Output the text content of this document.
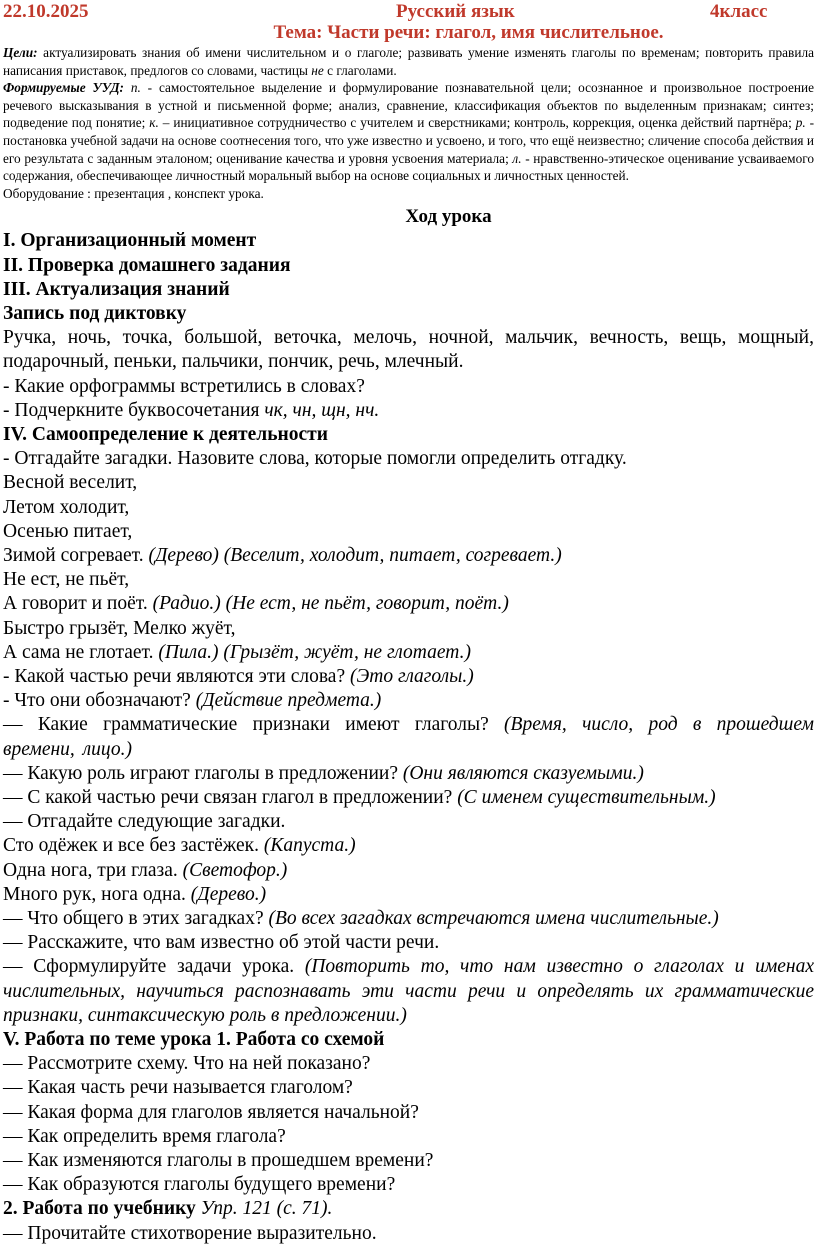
22.10.2025	Русский язык	4класс
Тема: Части речи: глагол, имя числительное.
Цели: актуализировать знания об имени числительном и о глаголе; развивать умение изменять глаголы по временам; повторить правила написания приставок, предлогов со словами, частицы не с глаголами.
Формируемые УУД: п. - самостоятельное выделение и формулирование познавательной цели; осознанное и произвольное построение речевого высказывания в устной и письменной форме; анализ, сравнение, классификация объектов по выделенным признакам; синтез; подведение под понятие; к. – инициативное сотрудничество с учителем и сверстниками; контроль, коррекция, оценка действий партнёра; р. - постановка учебной задачи на основе соотнесения того, что уже известно и усвоено, и того, что ещё неизвестно; сличение способа действия и его результата с заданным эталоном; оценивание качества и уровня усвоения материала; л. - нравственно-этическое оценивание усваиваемого содержания, обеспечивающее личностный моральный выбор на основе социальных и личностных ценностей.
Оборудование : презентация , конспект урока.
Ход урока
I. Организационный момент
II. Проверка домашнего задания
III. Актуализация знаний
Запись под диктовку
Ручка, ночь, точка, большой, веточка, мелочь, ночной, мальчик, вечность, вещь, мощный, подарочный, пеньки, пальчики, пончик, речь, млечный.
- Какие орфограммы встретились в словах?
- Подчеркните буквосочетания чк, чн, щн, нч.
IV. Самоопределение к деятельности
- Отгадайте загадки. Назовите слова, которые помогли определить отгадку.
Весной веселит,
Летом холодит,
Осенью питает,
Зимой согревает. (Дерево) (Веселит, холодит, питает, согревает.)
Не ест, не пьёт,
А говорит и поёт. (Радио.) (Не ест, не пьёт, говорит, поёт.)
Быстро грызёт, Мелко жуёт,
А сама не глотает. (Пила.) (Грызёт, жуёт, не глотает.)
- Какой частью речи являются эти слова? (Это глаголы.)
- Что они обозначают? (Действие предмета.)
— Какие грамматические признаки имеют глаголы? (Время, число, род в прошедшем времени, лицо.)
— Какую роль играют глаголы в предложении? (Они являются сказуемыми.)
— С какой частью речи связан глагол в предложении? (С именем существительным.)
— Отгадайте следующие загадки.
Сто одёжек и все без застёжек. (Капуста.)
Одна нога, три глаза. (Светофор.)
Много рук, нога одна. (Дерево.)
— Что общего в этих загадках? (Во всех загадках встречаются имена числительные.)
— Расскажите, что вам известно об этой части речи.
— Сформулируйте задачи урока. (Повторить то, что нам известно о глаголах и именах числительных, научиться распознавать эти части речи и определять их грамматические признаки, синтаксическую роль в предложении.)
V. Работа по теме урока 1. Работа со схемой
— Рассмотрите схему. Что на ней показано?
— Какая часть речи называется глаголом?
— Какая форма для глаголов является начальной?
— Как определить время глагола?
— Как изменяются глаголы в прошедшем времени?
— Как образуются глаголы будущего времени?
2. Работа по учебнику Упр. 121 (с. 71).
— Прочитайте стихотворение выразительно.
